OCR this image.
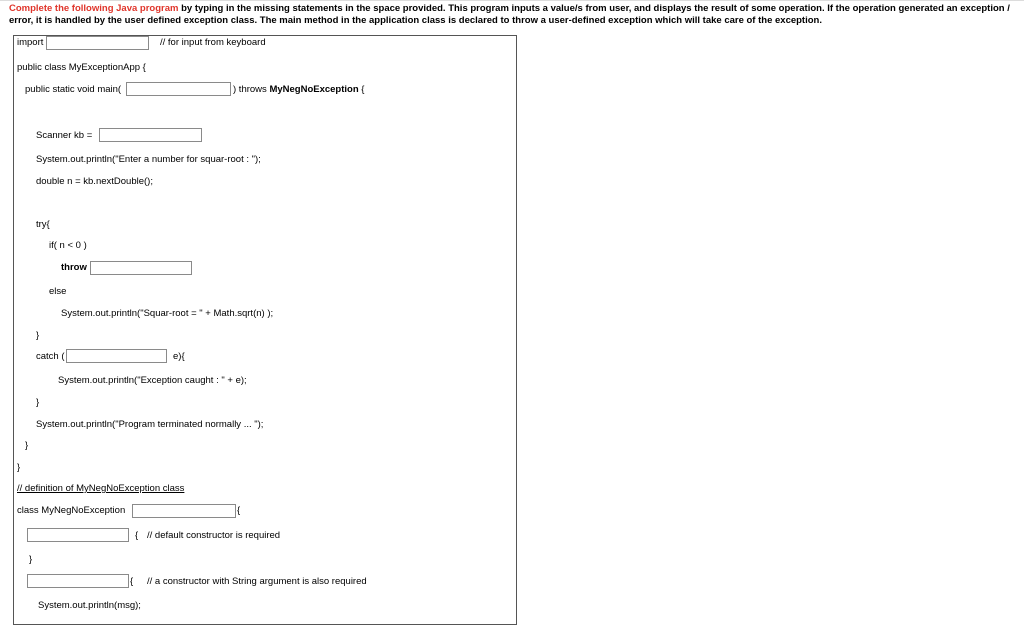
Complete the following Java program by typing in the missing statements in the space provided. This program inputs a value/s from user, and displays the result of some operation. If the operation generated an exception / error, it is handled by the user defined exception class. The main method in the application class is declared to throw a user-defined exception which will take care of the exception.
import	// for input from keyboard
public class MyExceptionApp {
public static void main(	) throws MyNegNoException {
Scanner kb =
System.out.println("Enter a number for squar-root : ");
double n = kb.nextDouble();
try{
if( n < 0 )
throw
else
System.out.println("Squar-root = " + Math.sqrt(n) );
}
catch (	e){
System.out.println("Exception caught : " + e);
}
System.out.println("Program terminated normally ... ");
}
}
// definition of MyNegNoException class
class MyNegNoException	{
{ // default constructor is required
}
{ // a constructor with String argument is also required
System.out.println(msg);
